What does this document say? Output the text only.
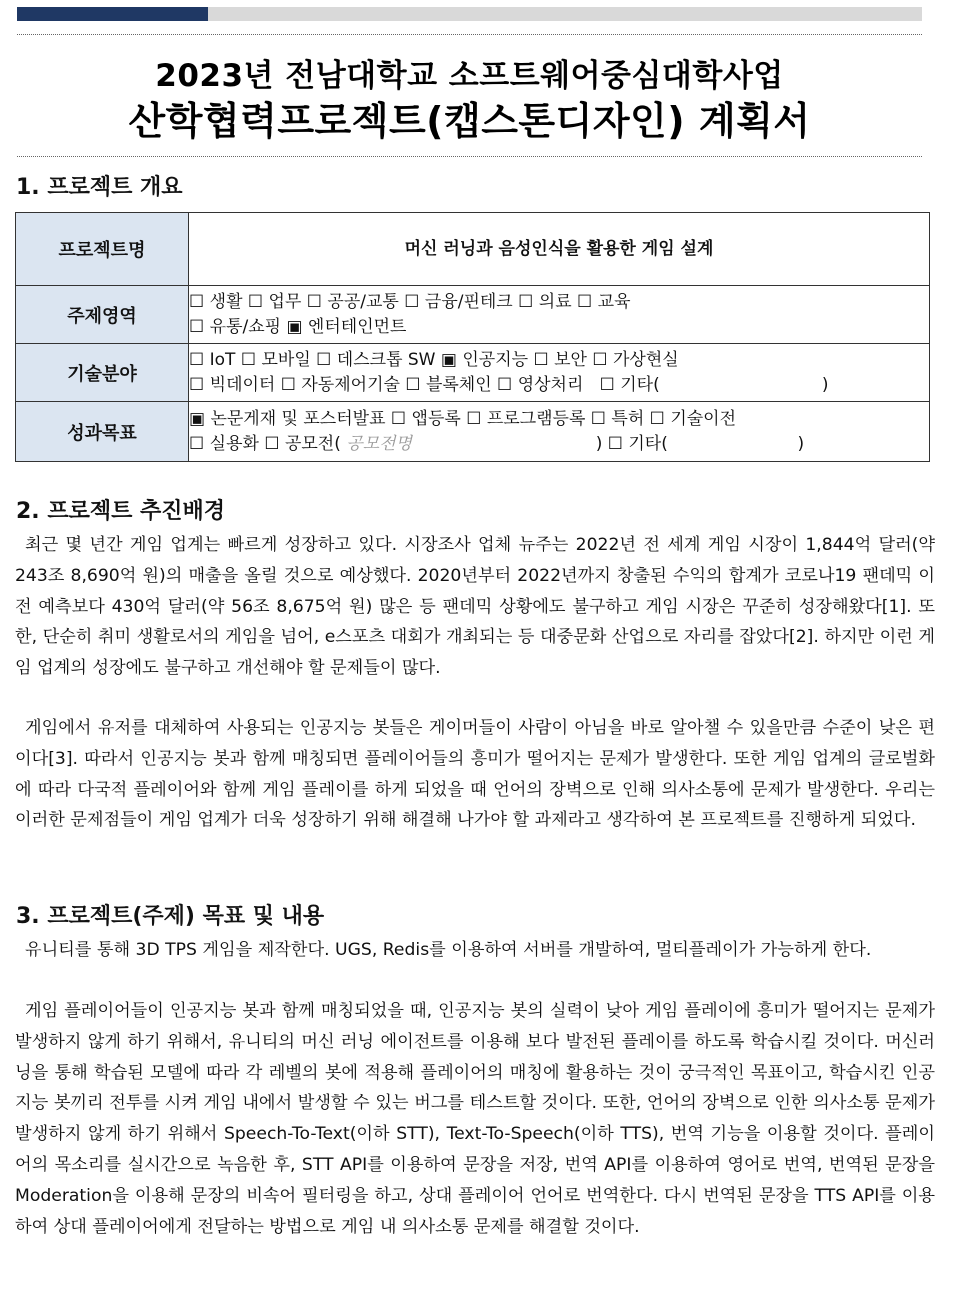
2023년 전남대학교 소프트웨어중심대학사업
산학협력프로젝트(캡스톤디자인) 계획서
1. 프로젝트 개요
프로젝트명	머신 러닝과 음성인식을 활용한 게임 설계
주제영역	☐ 생활 ☐ 업무 ☐ 공공/교통 ☐ 금융/핀테크 ☐ 의료 ☐ 교육
☐ 유통/쇼핑 ▣ 엔터테인먼트

기술분야	☐ IoT ☐ 모바일 ☐ 데스크톱 SW ▣ 인공지능 ☐ 보안 ☐ 가상현실
☐ 빅데이터 ☐ 자동제어기술 ☐ 블록체인 ☐ 영상처리   ☐ 기타(                              )

성과목표	▣ 논문게재 및 포스터발표 ☐ 앱등록 ☐ 프로그램등록 ☐ 특허 ☐ 기술이전
☐ 실용화 ☐ 공모전( 공모전명                                  ) ☐ 기타(                        )
2. 프로젝트 추진배경

최근 몇 년간 게임 업계는 빠르게 성장하고 있다. 시장조사 업체 뉴주는 2022년 전 세계 게임 시장이 1,844억 달러(약 243조 8,690억 원)의 매출을 올릴 것으로 예상했다. 2020년부터 2022년까지 창출된 수익의 합계가 코로나19 팬데믹 이전 예측보다 430억 달러(약 56조 8,675억 원) 많은 등 팬데믹 상황에도 불구하고 게임 시장은 꾸준히 성장해왔다[1]. 또한, 단순히 취미 생활로서의 게임을 넘어, e스포츠 대회가 개최되는 등 대중문화 산업으로 자리를 잡았다[2]. 하지만 이런 게임 업계의 성장에도 불구하고 개선해야 할 문제들이 많다.

게임에서 유저를 대체하여 사용되는 인공지능 봇들은 게이머들이 사람이 아님을 바로 알아챌 수 있을만큼 수준이 낮은 편이다[3]. 따라서 인공지능 봇과 함께 매칭되면 플레이어들의 흥미가 떨어지는 문제가 발생한다. 또한 게임 업계의 글로벌화에 따라 다국적 플레이어와 함께 게임 플레이를 하게 되었을 때 언어의 장벽으로 인해 의사소통에 문제가 발생한다. 우리는 이러한 문제점들이 게임 업계가 더욱 성장하기 위해 해결해 나가야 할 과제라고 생각하여 본 프로젝트를 진행하게 되었다.

3. 프로젝트(주제) 목표 및 내용

유니티를 통해 3D TPS 게임을 제작한다. UGS, Redis를 이용하여 서버를 개발하여, 멀티플레이가 가능하게 한다.

게임 플레이어들이 인공지능 봇과 함께 매칭되었을 때, 인공지능 봇의 실력이 낮아 게임 플레이에 흥미가 떨어지는 문제가 발생하지 않게 하기 위해서, 유니티의 머신 러닝 에이전트를 이용해 보다 발전된 플레이를 하도록 학습시킬 것이다. 머신러닝을 통해 학습된 모델에 따라 각 레벨의 봇에 적용해 플레이어의 매칭에 활용하는 것이 궁극적인 목표이고, 학습시킨 인공지능 봇끼리 전투를 시켜 게임 내에서 발생할 수 있는 버그를 테스트할 것이다. 또한, 언어의 장벽으로 인한 의사소통 문제가 발생하지 않게 하기 위해서 Speech-To-Text(이하 STT), Text-To-Speech(이하 TTS), 번역 기능을 이용할 것이다. 플레이어의 목소리를 실시간으로 녹음한 후, STT API를 이용하여 문장을 저장, 번역 API를 이용하여 영어로 번역, 번역된 문장을 Moderation을 이용해 문장의 비속어 필터링을 하고, 상대 플레이어 언어로 번역한다. 다시 번역된 문장을 TTS API를 이용하여 상대 플레이어에게 전달하는 방법으로 게임 내 의사소통 문제를 해결할 것이다.
